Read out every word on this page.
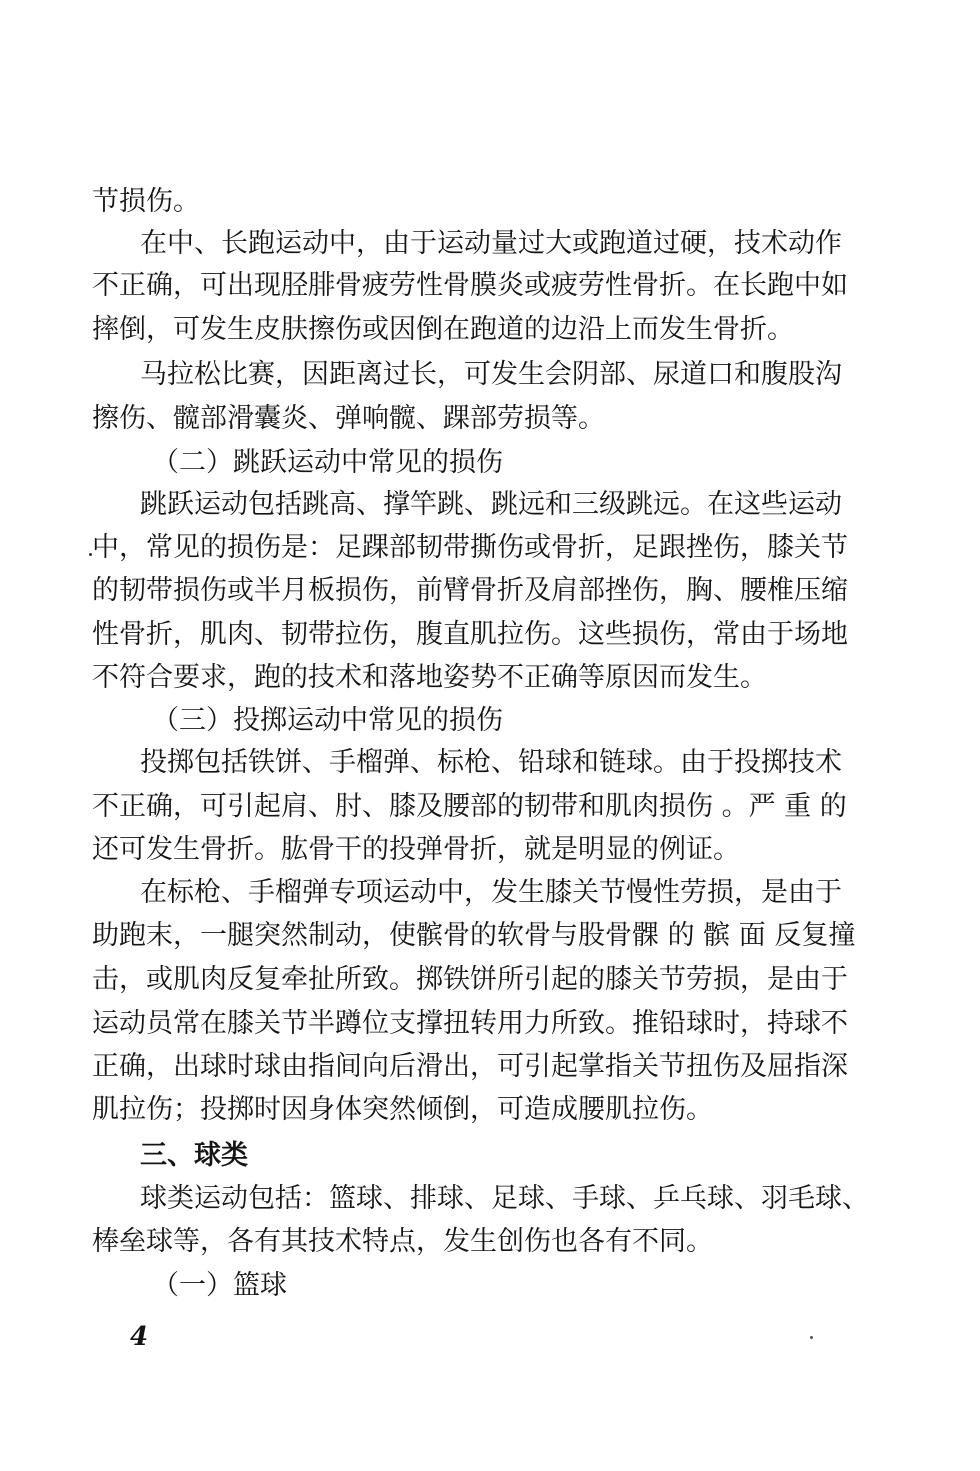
节损伤。
在中、长跑运动中，由于运动量过大或跑道过硬，技术动作
不正确，可出现胫腓骨疲劳性骨膜炎或疲劳性骨折。在长跑中如
摔倒，可发生皮肤擦伤或因倒在跑道的边沿上而发生骨折。
马拉松比赛，因距离过长，可发生会阴部、尿道口和腹股沟
擦伤、髋部滑囊炎、弹响髋、踝部劳损等。
（二）跳跃运动中常见的损伤
跳跃运动包括跳高、撑竿跳、跳远和三级跳远。在这些运动
中，常见的损伤是：足踝部韧带撕伤或骨折，足跟挫伤，膝关节
的韧带损伤或半月板损伤，前臂骨折及肩部挫伤，胸、腰椎压缩
性骨折，肌肉、韧带拉伤，腹直肌拉伤。这些损伤，常由于场地
不符合要求，跑的技术和落地姿势不正确等原因而发生。
（三）投掷运动中常见的损伤
投掷包括铁饼、手榴弹、标枪、铅球和链球。由于投掷技术
不正确，可引起肩、肘、膝及腰部的韧带和肌肉损伤 。严 重 的
还可发生骨折。肱骨干的投弹骨折，就是明显的例证。
在标枪、手榴弹专项运动中，发生膝关节慢性劳损，是由于
助跑末，一腿突然制动，使髌骨的软骨与股骨髁 的 髌 面 反复撞
击，或肌肉反复牵扯所致。掷铁饼所引起的膝关节劳损，是由于
运动员常在膝关节半蹲位支撑扭转用力所致。推铅球时，持球不
正确，出球时球由指间向后滑出，可引起掌指关节扭伤及屈指深
肌拉伤；投掷时因身体突然倾倒，可造成腰肌拉伤。
三、球类
球类运动包括：篮球、排球、足球、手球、乒乓球、羽毛球、
棒垒球等，各有其技术特点，发生创伤也各有不同。
（一）篮球
4
